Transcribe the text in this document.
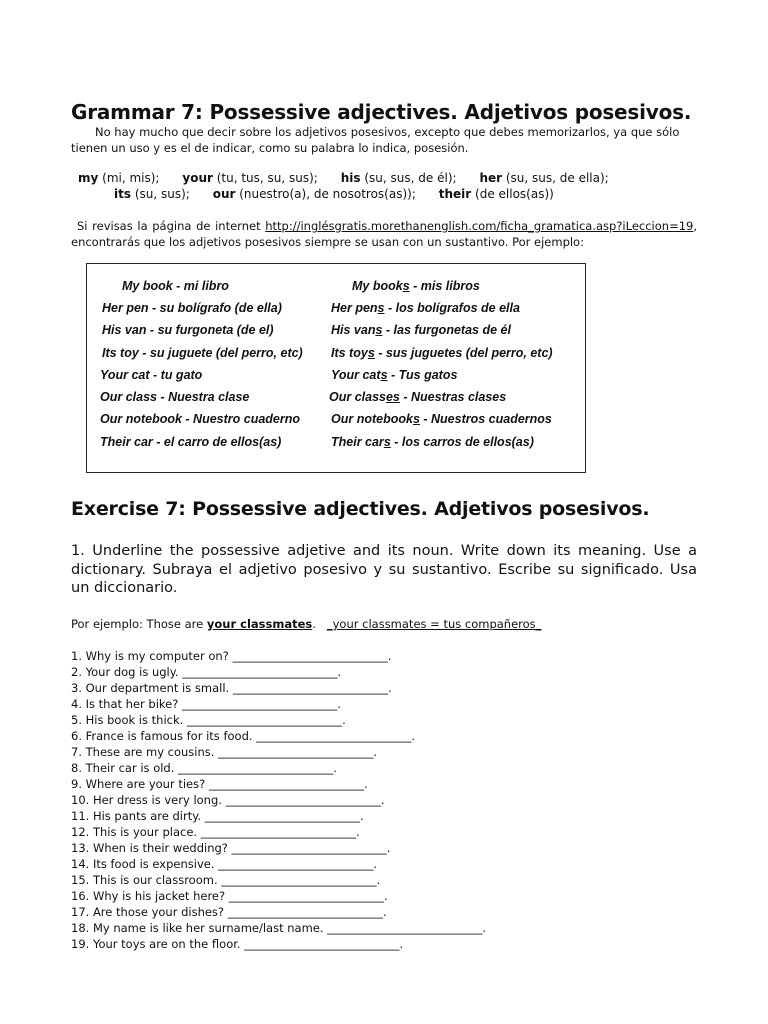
Grammar 7: Possessive adjectives. Adjetivos posesivos.

No hay mucho que decir sobre los adjetivos posesivos, excepto que debes memorizarlos, ya que sólo tienen un uso y es el de indicar, como su palabra lo indica, posesión.

my (mi, mis); your (tu, tus, su, sus); his (su, sus, de él); her (su, sus, de ella);

its (su, sus); our (nuestro(a), de nosotros(as)); their (de ellos(as))

Si revisas la página de internet http://inglésgratis.morethanenglish.com/ficha_gramatica.asp?iLeccion=19, encontrarás que los adjetivos posesivos siempre se usan con un sustantivo. Por ejemplo:

My book - mi libro
Her pen - su bolígrafo (de ella)
His van - su furgoneta (de el)
Its toy - su juguete (del perro, etc)
Your cat - tu gato
Our class - Nuestra clase
Our notebook - Nuestro cuaderno
Their car - el carro de ellos(as)
My books - mis libros
Her pens - los bolígrafos de ella
His vans - las furgonetas de él
Its toys - sus juguetes (del perro, etc)
Your cats - Tus gatos
Our classes - Nuestras clases
Our notebooks - Nuestros cuadernos
Their cars - los carros de ellos(as)
Exercise 7: Possessive adjectives. Adjetivos posesivos.

1. Underline the possessive adjetive and its noun. Write down its meaning. Use a dictionary. Subraya el adjetivo posesivo y su sustantivo. Escribe su significado. Usa un diccionario.

Por ejemplo: Those are your classmates. _your classmates = tus compañeros_
1. Why is my computer on? ___________________________.
2. Your dog is ugly. ___________________________.
3. Our department is small. ___________________________.
4. Is that her bike? ___________________________.
5. His book is thick. ___________________________.
6. France is famous for its food. ___________________________.
7. These are my cousins. ___________________________.
8. Their car is old. ___________________________.
9. Where are your ties? ___________________________.
10. Her dress is very long. ___________________________.
11. His pants are dirty. ___________________________.
12. This is your place. ___________________________.
13. When is their wedding? ___________________________.
14. Its food is expensive. ___________________________.
15. This is our classroom. ___________________________.
16. Why is his jacket here? ___________________________.
17. Are those your dishes? ___________________________.
18. My name is like her surname/last name. ___________________________.
19. Your toys are on the floor. ___________________________.
